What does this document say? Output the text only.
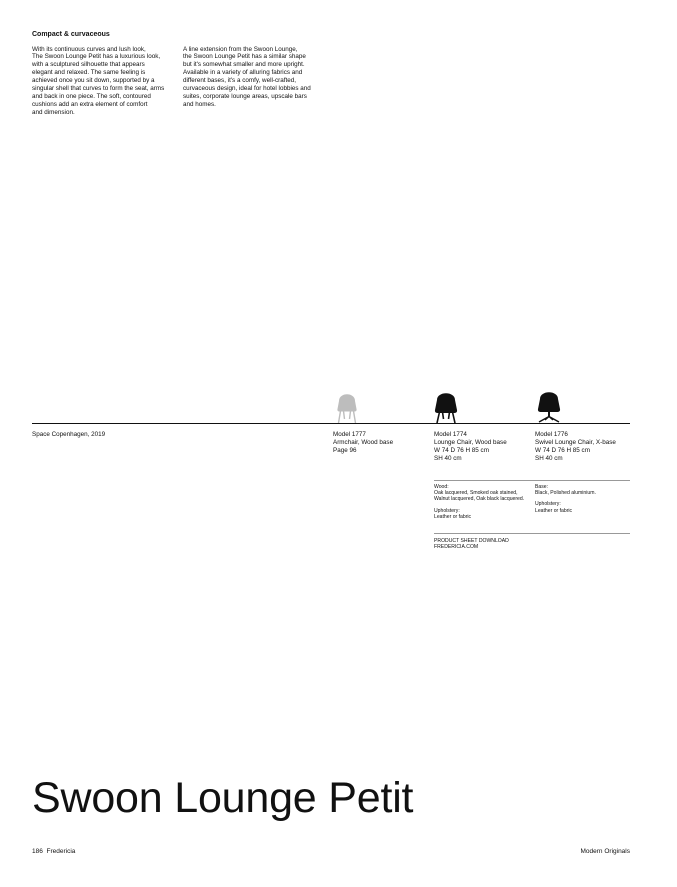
Compact & curvaceous

With its continuous curves and lush look,

The Swoon Lounge Petit has a luxurious look,

with a sculptured silhouette that appears

elegant and relaxed. The same feeling is

achieved once you sit down, supported by a

singular shell that curves to form the seat, arms

and back in one piece. The soft, contoured

cushions add an extra element of comfort

and dimension.

A line extension from the Swoon Lounge,

the Swoon Lounge Petit has a similar shape

but it's somewhat smaller and more upright.

Available in a variety of alluring fabrics and

different bases, it's a comfy, well-crafted,

curvaceous design, ideal for hotel lobbies and

suites, corporate lounge areas, upscale bars

and homes.

Space Copenhagen, 2019	Model 1777
Armchair, Wood base
Page 96
Model 1774
Lounge Chair, Wood base
W 74 D 76 H 85 cm
SH 40 cm
Model 1776
Swivel Lounge Chair, X-base
W 74 D 76 H 85 cm
SH 40 cm

Wood:

Oak lacquered, Smoked oak stained,

Walnut lacquered, Oak black lacquered.

Upholstery:

Leather or fabric

Base:

Black, Polished aluminium.

Upholstery:

Leather or fabric

PRODUCT SHEET DOWNLOAD

FREDERICIA.COM

Swoon Lounge Petit
186 Fredericia	Modern Originals
